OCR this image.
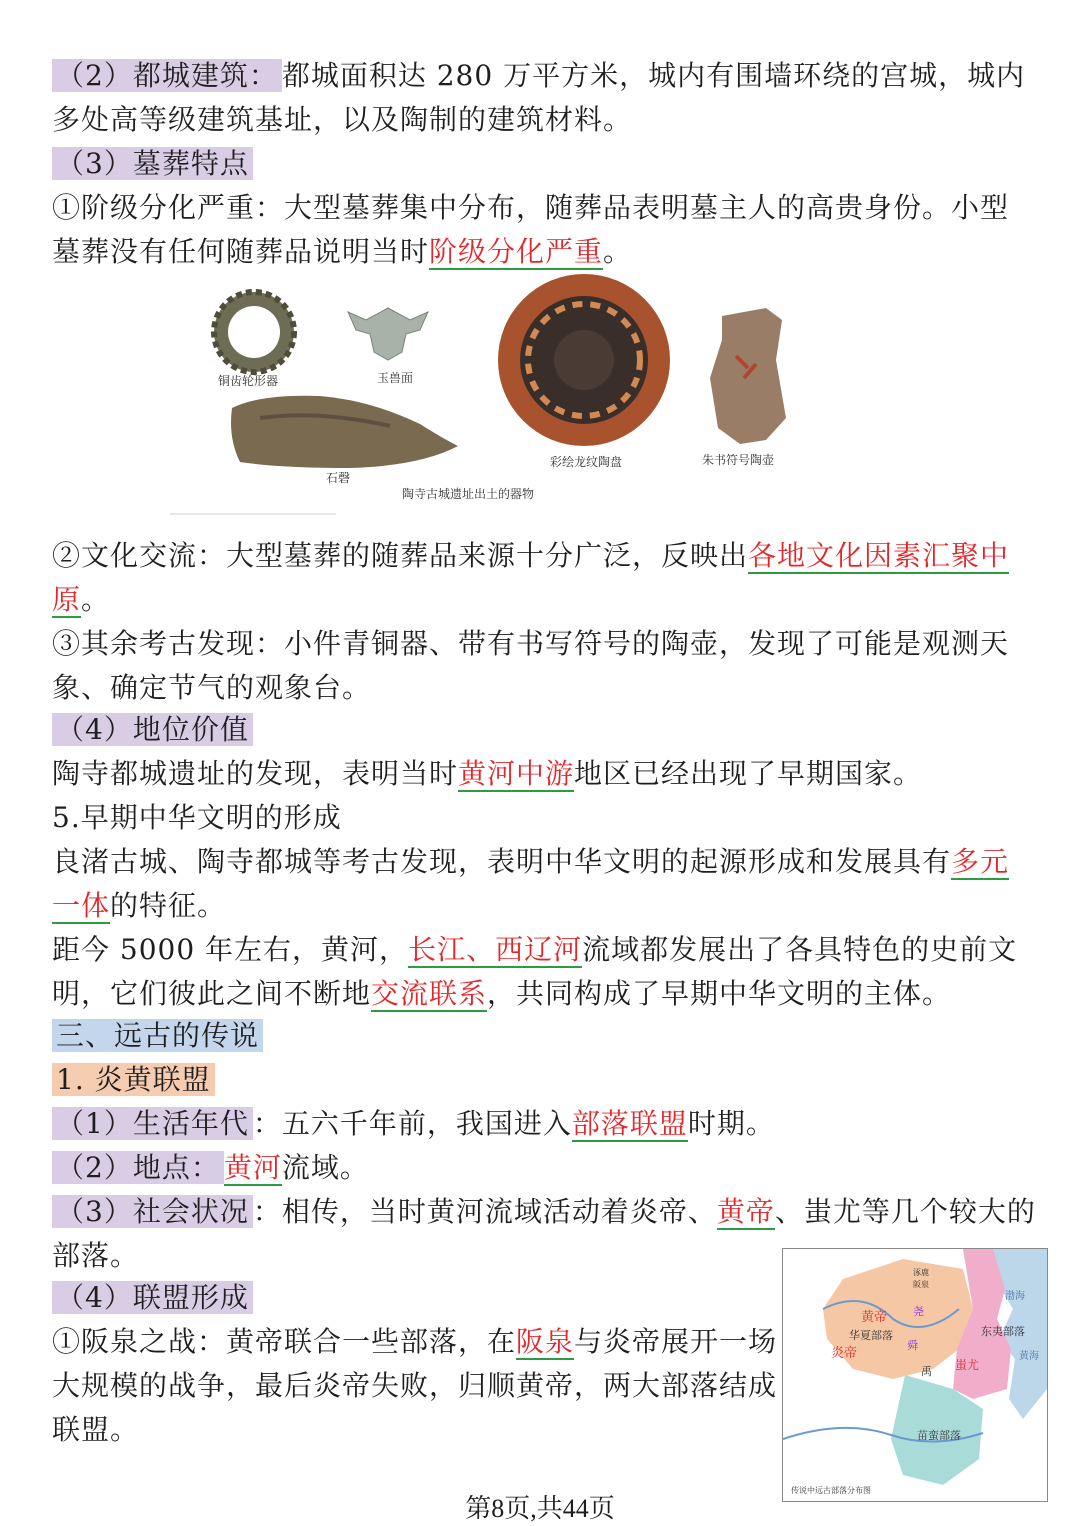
（2）都城建筑： 都城面积达 280 万平方米，城内有围墙环绕的宫城，城内
多处高等级建筑基址，以及陶制的建筑材料。
（3）墓葬特点
①阶级分化严重：大型墓葬集中分布，随葬品表明墓主人的高贵身份。小型
墓葬没有任何随葬品说明当时阶级分化严重。
铜齿轮形器	玉兽面
石磬
彩绘龙纹陶盘	朱书符号陶壶
陶寺古城遗址出土的器物
②文化交流：大型墓葬的随葬品来源十分广泛，反映出各地文化因素汇聚中
原。
③其余考古发现：小件青铜器、带有书写符号的陶壶，发现了可能是观测天
象、确定节气的观象台。
（4）地位价值
陶寺都城遗址的发现，表明当时黄河中游地区已经出现了早期国家。
5.早期中华文明的形成
良渚古城、陶寺都城等考古发现，表明中华文明的起源形成和发展具有多元
一体的特征。
距今 5000 年左右，黄河，长江、西辽河流域都发展出了各具特色的史前文
明，它们彼此之间不断地交流联系，共同构成了早期中华文明的主体。
三、远古的传说
1. 炎黄联盟
（1）生活年代 ：五六千年前，我国进入部落联盟时期。
（2）地点： 黄河流域。
（3）社会状况 ：相传，当时黄河流域活动着炎帝、黄帝、蚩尤等几个较大的
部落。
（4）联盟形成
①阪泉之战：黄帝联合一些部落，在阪泉与炎帝展开一场
大规模的战争，最后炎帝失败，归顺黄帝，两大部落结成
联盟。
黄帝
炎帝
华夏部落
尧
舜
禹 蚩尤
东夷部落
苗蛮部落
渤海
黄海
涿鹿
阪泉
传说中远古部落分布图
第8页,共44页
